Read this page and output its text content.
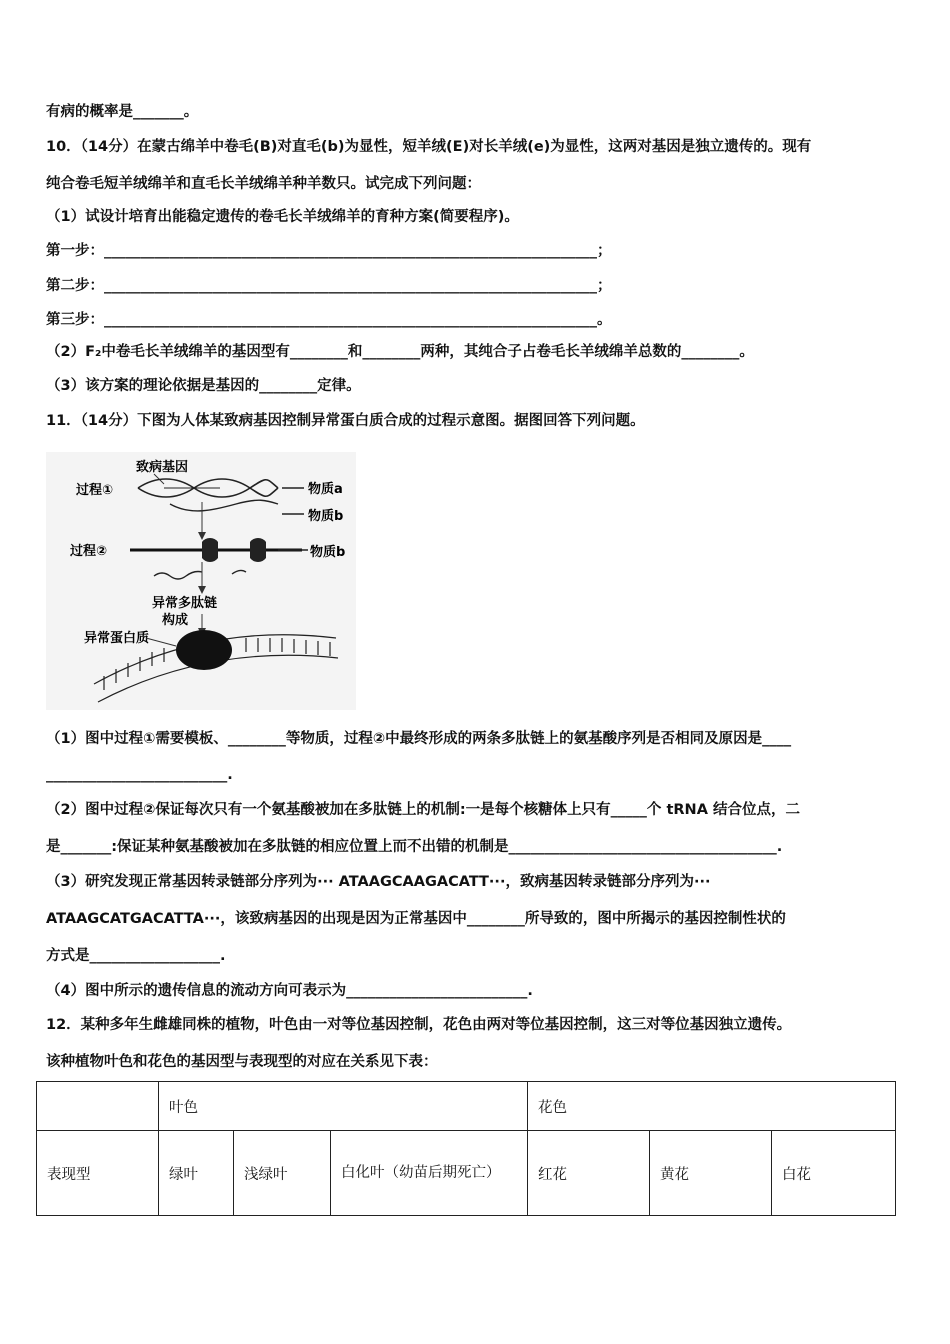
有病的概率是_______。
10．（14分）在蒙古绵羊中卷毛(B)对直毛(b)为显性，短羊绒(E)对长羊绒(e)为显性，这两对基因是独立遗传的。现有
纯合卷毛短羊绒绵羊和直毛长羊绒绵羊种羊数只。试完成下列问题：
（1）试设计培育出能稳定遗传的卷毛长羊绒绵羊的育种方案(简要程序)。
第一步：____________________________________________________________________；
第二步：____________________________________________________________________；
第三步：____________________________________________________________________。
（2）F₂中卷毛长羊绒绵羊的基因型有________和________两种，其纯合子占卷毛长羊绒绵羊总数的________。
（3）该方案的理论依据是基因的________定律。
11．（14分）下图为人体某致病基因控制异常蛋白质合成的过程示意图。据图回答下列问题。
致病基因
过程①	物质a
物质b
过程②	物质b
异常多肽链
构成
异常蛋白质
（1）图中过程①需要模板、________等物质，过程②中最终形成的两条多肽链上的氨基酸序列是否相同及原因是____
_________________________.
（2）图中过程②保证每次只有一个氨基酸被加在多肽链上的机制:一是每个核糖体上只有_____个 tRNA 结合位点，二
是_______:保证某种氨基酸被加在多肽链的相应位置上而不出错的机制是_____________________________________.
（3）研究发现正常基因转录链部分序列为··· ATAAGCAAGACATT···，致病基因转录链部分序列为···
ATAAGCATGACATTA···，该致病基因的出现是因为正常基因中________所导致的，图中所揭示的基因控制性状的
方式是__________________.
（4）图中所示的遗传信息的流动方向可表示为_________________________.
12．某种多年生雌雄同株的植物，叶色由一对等位基因控制，花色由两对等位基因控制，这三对等位基因独立遗传。
该种植物叶色和花色的基因型与表现型的对应在关系见下表：
	叶色			花色		
表现型	绿叶	浅绿叶	白化叶（幼苗后期死亡）	红花	黄花	白花
